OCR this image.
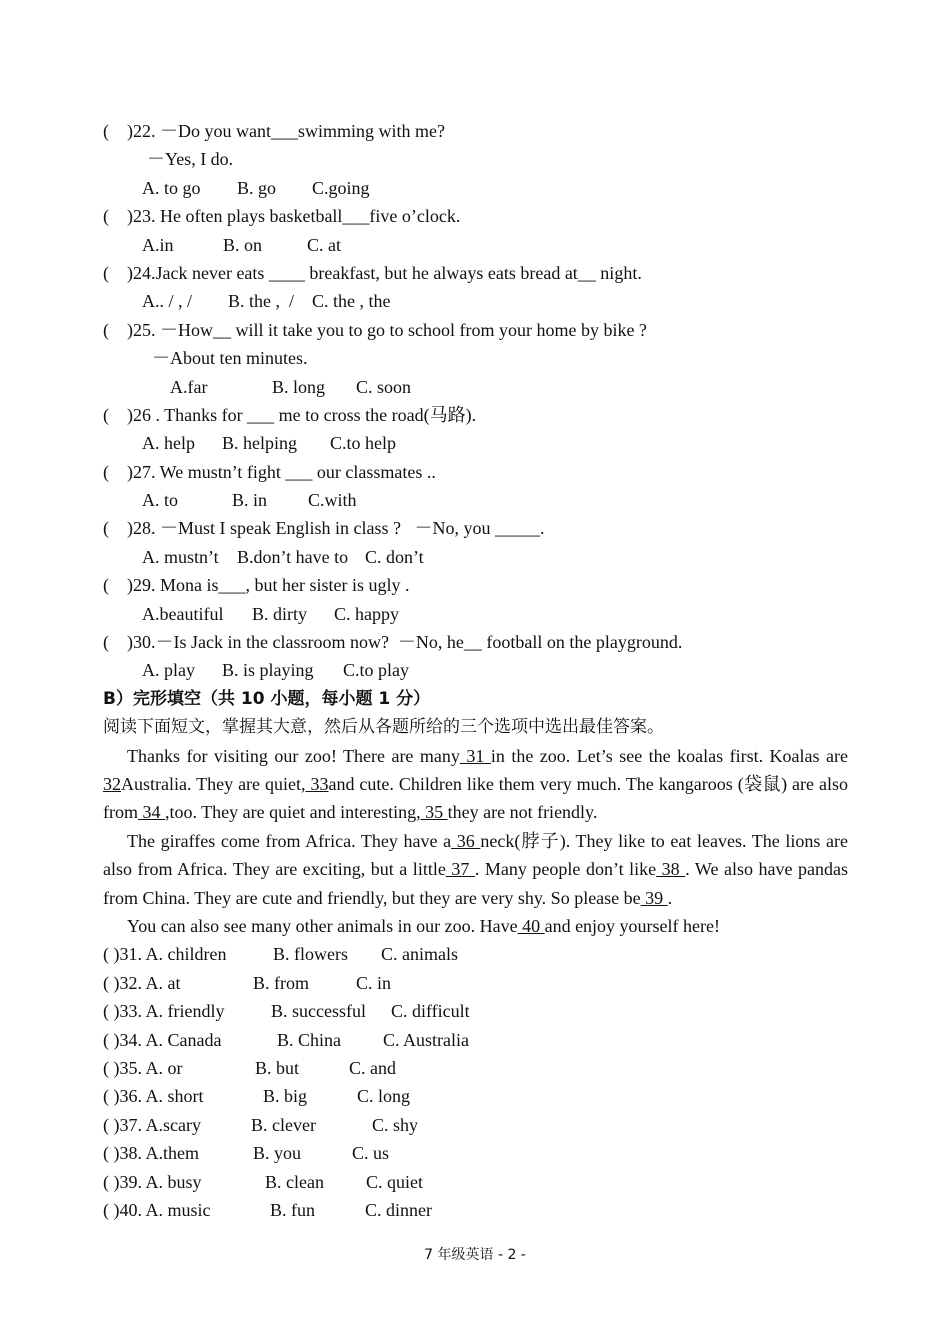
(    )22. －Do you want___swimming with me?
－Yes, I do.
A. to go B. go C.going
(    )23. He often plays basketball___five o’clock.
A.in	B. on C. at
(    )24.Jack never eats ____ breakfast, but he always eats bread at__ night.
A.. / , / B. the ,  / C. the , the
(    )25. －How__ will it take you to go to school from your home by bike ?
－About ten minutes.
A.far	B. long C. soon
(    )26 . Thanks for ___ me to cross the road(马路).
A. help B. helping C.to help
(    )27. We mustn’t fight ___ our classmates ..
A. to	B. in C.with
(    )28. －Must I speak English in class ?   －No, you _____.
A. mustn’t B.don’t have to C. don’t
(    )29. Mona is___, but her sister is ugly .
A.beautiful B. dirty C. happy
(    )30.－Is Jack in the classroom now?  －No, he__ football on the playground.
A. play B. is playing C.to play
B）完形填空（共 10 小题，每小题 1 分）
阅读下面短文，掌握其大意，然后从各题所给的三个选项中选出最佳答案。
Thanks for visiting our zoo! There are many 31 in the zoo. Let’s see the koalas first. Koalas are 32Australia. They are quiet, 33and cute. Children like them very much. The kangaroos (袋鼠) are also from 34 ,too. They are quiet and interesting, 35 they are not friendly.
The giraffes come from Africa. They have a 36 neck(脖子). They like to eat leaves. The lions are also from Africa. They are exciting, but a little 37 . Many people don’t like 38 . We also have pandas from China. They are cute and friendly, but they are very shy. So please be 39 .
You can also see many other animals in our zoo. Have 40 and enjoy yourself here!
( )31. A. children	B. flowers C. animals
( )32. A. at	B. from	C. in
( )33. A. friendly	B. successful C. difficult
( )34. A. Canada	B. China C. Australia
( )35. A. or	B. but	C. and
( )36. A. short	B. big	C. long
( )37. A.scary	B. clever	C. shy
( )38. A.them	B. you	C. us
( )39. A. busy	B. clean C. quiet
( )40. A. music	B. fun	C. dinner
7 年级英语 - 2 -
